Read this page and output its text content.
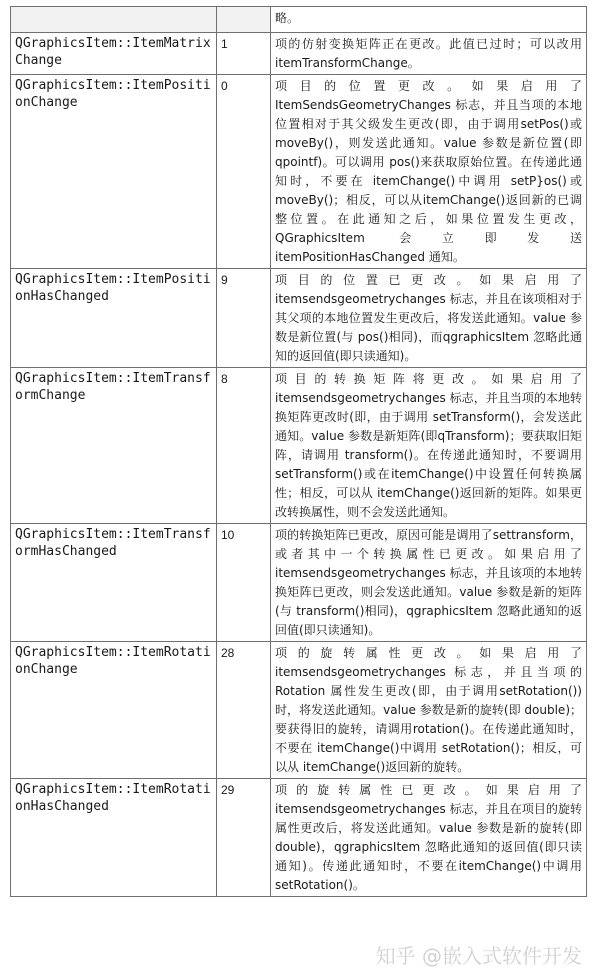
		略。
QGraphicsItem::ItemMatrixChange	1	项的仿射变换矩阵正在更改。此值已过时；可以改用 itemTransformChange。
QGraphicsItem::ItemPositionChange	0	项目的位置更改。如果启用了ItemSendsGeometryChanges 标志，并且当项的本地位置相对于其父级发生更改(即，由于调用setPos()或 moveBy()，则发送此通知。value 参数是新位置(即 qpointf)。可以调用 pos()来获取原始位置。在传递此通知时，不要在 itemChange()中调用 setP}os()或 moveBy()；相反，可以从itemChange()返回新的已调整位置。在此通知之后，如果位置发生更改，QGraphicsItem 会立即发送 itemPositionHasChanged 通知。
QGraphicsItem::ItemPositionHasChanged	9	项目的位置已更改。如果启用了itemsendsgeometrychanges 标志，并且在该项相对于其父项的本地位置发生更改后，将发送此通知。value 参数是新位置(与 pos()相同)，而qgraphicsItem 忽略此通知的返回值(即只读通知)。
QGraphicsItem::ItemTransformChange	8	项目的转换矩阵将更改。如果启用了itemsendsgeometrychanges 标志，并且当项的本地转换矩阵更改时(即，由于调用 setTransform()，会发送此通知。value 参数是新矩阵(即qTransform)；要获取旧矩阵，请调用 transform()。在传递此通知时，不要调用 setTransform()或在itemChange()中设置任何转换属性；相反，可以从 itemChange()返回新的矩阵。如果更改转换属性，则不会发送此通知。
QGraphicsItem::ItemTransformHasChanged	10	项的转换矩阵已更改，原因可能是调用了settransform，或者其中一个转换属性已更改。如果启用了 itemsendsgeometrychanges 标志，并且该项的本地转换矩阵已更改，则会发送此通知。value 参数是新的矩阵(与 transform()相同)，qgraphicsItem 忽略此通知的返回值(即只读通知)。
QGraphicsItem::ItemRotationChange	28	项的旋转属性更改。如果启用了itemsendsgeometrychanges 标志，并且当项的Rotation 属性发生更改(即，由于调用setRotation())时，将发送此通知。value 参数是新的旋转(即 double)；要获得旧的旋转，请调用rotation()。在传递此通知时，不要在 itemChange()中调用 setRotation()；相反，可以从 itemChange()返回新的旋转。
QGraphicsItem::ItemRotationHasChanged	29	项的旋转属性已更改。如果启用了itemsendsgeometrychanges 标志，并且在项目的旋转属性更改后，将发送此通知。value 参数是新的旋转(即 double)，qgraphicsItem 忽略此通知的返回值(即只读通知)。传递此通知时，不要在itemChange()中调用 setRotation()。
知乎 @嵌入式软件开发
